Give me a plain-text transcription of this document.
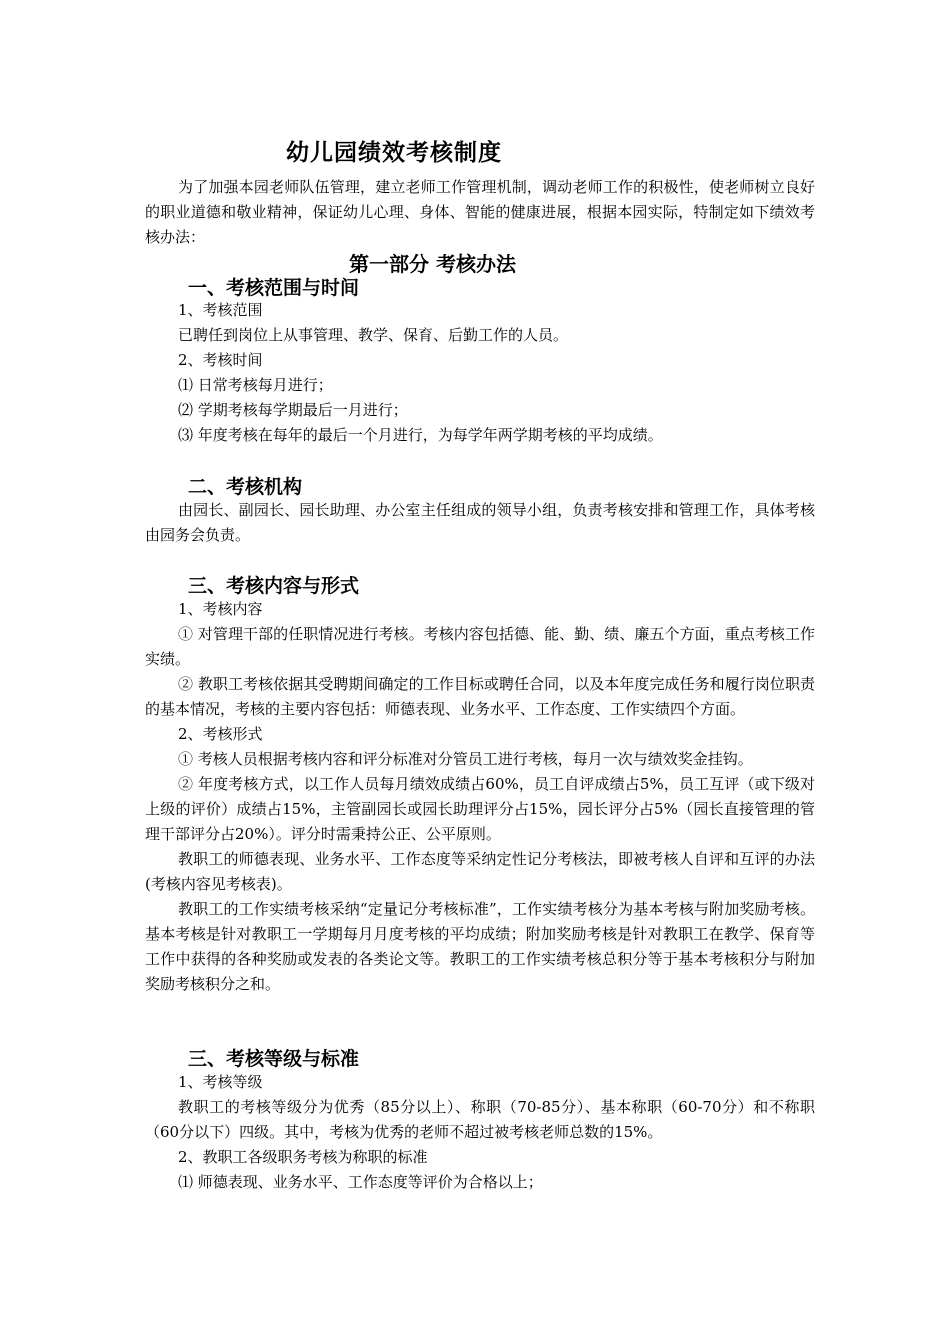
幼儿园绩效考核制度

为了加强本园老师队伍管理，建立老师工作管理机制，调动老师工作的积极性，使老师树立良好的职业道德和敬业精神，保证幼儿心理、身体、智能的健康进展，根据本园实际，特制定如下绩效考核办法：

第一部分 考核办法
一、考核范围与时间

1、考核范围

已聘任到岗位上从事管理、教学、保育、后勤工作的人员。

2、考核时间

⑴ 日常考核每月进行；

⑵ 学期考核每学期最后一月进行；

⑶ 年度考核在每年的最后一个月进行，为每学年两学期考核的平均成绩。

二、考核机构

由园长、副园长、园长助理、办公室主任组成的领导小组，负责考核安排和管理工作，具体考核由园务会负责。

三、考核内容与形式

1、考核内容

① 对管理干部的任职情况进行考核。考核内容包括德、能、勤、绩、廉五个方面，重点考核工作实绩。

② 教职工考核依据其受聘期间确定的工作目标或聘任合同，以及本年度完成任务和履行岗位职责的基本情况，考核的主要内容包括：师德表现、业务水平、工作态度、工作实绩四个方面。

2、考核形式

① 考核人员根据考核内容和评分标准对分管员工进行考核，每月一次与绩效奖金挂钩。

② 年度考核方式，以工作人员每月绩效成绩占60%，员工自评成绩占5%，员工互评（或下级对上级的评价）成绩占15%，主管副园长或园长助理评分占15%，园长评分占5%（园长直接管理的管理干部评分占20%）。评分时需秉持公正、公平原则。

教职工的师德表现、业务水平、工作态度等采纳定性记分考核法，即被考核人自评和互评的办法(考核内容见考核表)。

教职工的工作实绩考核采纳“定量记分考核标准”，工作实绩考核分为基本考核与附加奖励考核。基本考核是针对教职工一学期每月月度考核的平均成绩；附加奖励考核是针对教职工在教学、保育等工作中获得的各种奖励或发表的各类论文等。教职工的工作实绩考核总积分等于基本考核积分与附加奖励考核积分之和。

三、考核等级与标准

1、考核等级

教职工的考核等级分为优秀（85分以上）、称职（70-85分）、基本称职（60-70分）和不称职（60分以下）四级。其中，考核为优秀的老师不超过被考核老师总数的15%。

2、教职工各级职务考核为称职的标准

⑴ 师德表现、业务水平、工作态度等评价为合格以上；
